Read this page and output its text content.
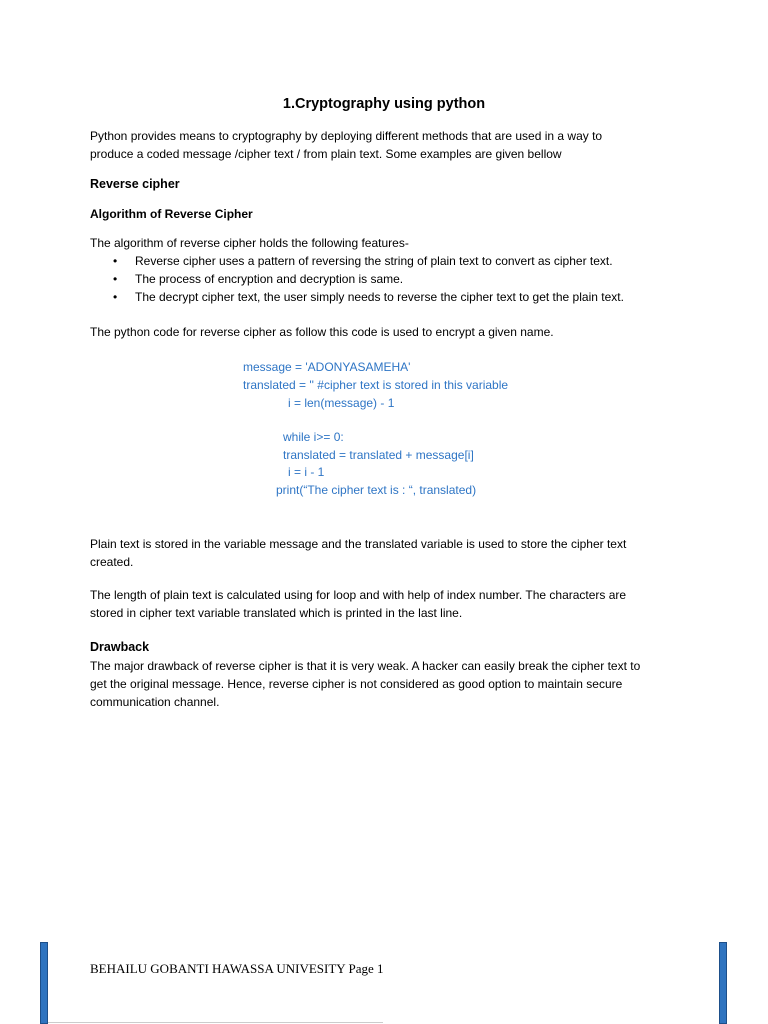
1.Cryptography using python
Python provides means to cryptography by deploying different methods that are used in a way to
produce a coded message /cipher text / from plain text. Some examples are given bellow
Reverse cipher
Algorithm of Reverse Cipher
The algorithm of reverse cipher holds the following features-
• Reverse cipher uses a pattern of reversing the string of plain text to convert as cipher text.
• The process of encryption and decryption is same.
• The decrypt cipher text, the user simply needs to reverse the cipher text to get the plain text.
The python code for reverse cipher as follow this code is used to encrypt a given name.
message = 'ADONYASAMEHA'
translated = '' #cipher text is stored in this variable
i = len(message) - 1
while i>= 0:
translated = translated + message[i]
i = i - 1
print(“The cipher text is : “, translated)
Plain text is stored in the variable message and the translated variable is used to store the cipher text
created.
The length of plain text is calculated using for loop and with help of index number. The characters are
stored in cipher text variable translated which is printed in the last line.
Drawback
The major drawback of reverse cipher is that it is very weak. A hacker can easily break the cipher text to
get the original message. Hence, reverse cipher is not considered as good option to maintain secure
communication channel.
BEHAILU GOBANTI HAWASSA UNIVESITY Page 1
